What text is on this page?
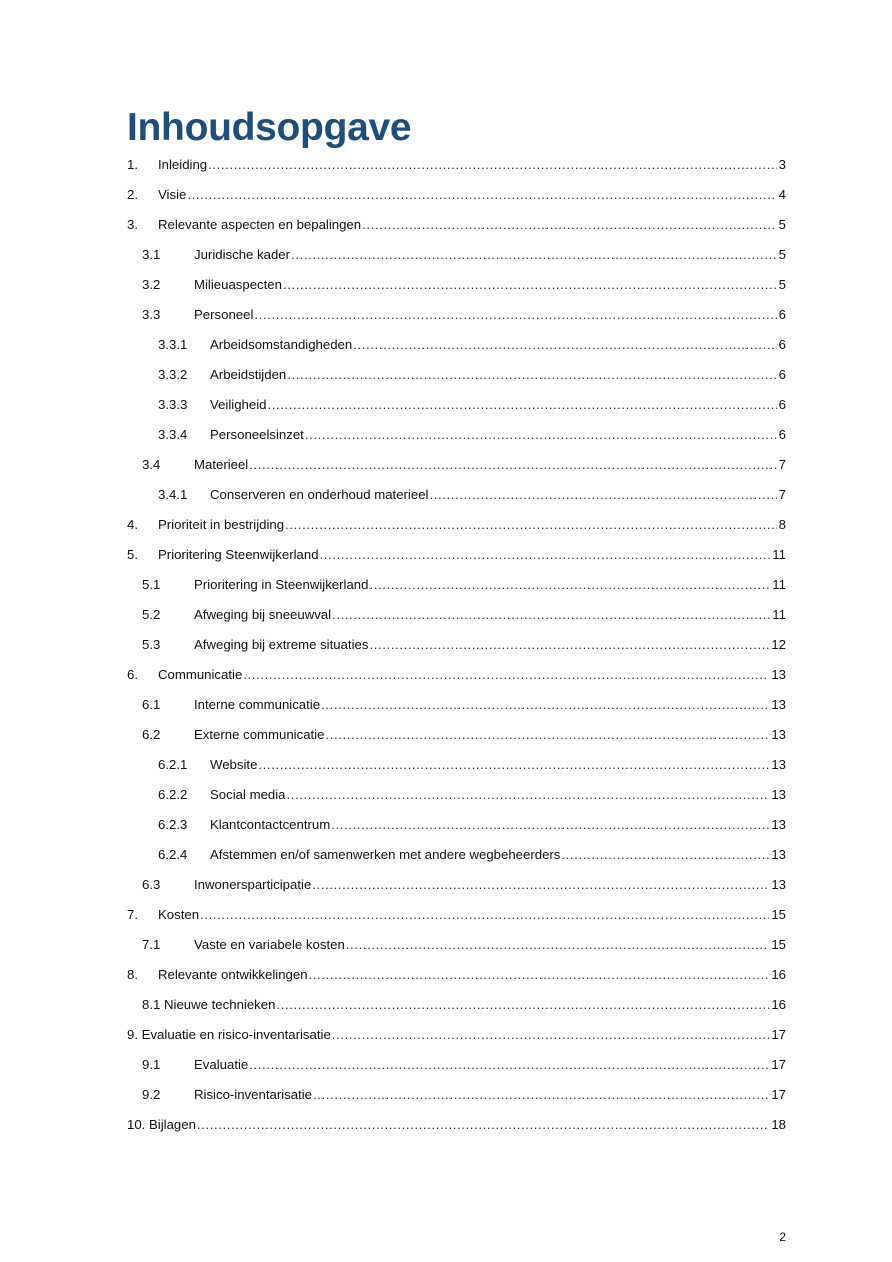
Inhoudsopgave
1.	Inleiding .....	3
2.	Visie .....	4
3.	Relevante aspecten en bepalingen .....	5
3.1	Juridische kader .....	5
3.2	Milieuaspecten .....	5
3.3	Personeel .....	6
3.3.1	Arbeidsomstandigheden .....	6
3.3.2	Arbeidstijden .....	6
3.3.3	Veiligheid .....	6
3.3.4	Personeelsinzet .....	6
3.4	Materieel .....	7
3.4.1	Conserveren en onderhoud materieel .....	7
4.	Prioriteit in bestrijding .....	8
5.	Prioritering Steenwijkerland .....	11
5.1	Prioritering in Steenwijkerland .....	11
5.2	Afweging bij sneeuwval .....	11
5.3	Afweging bij extreme situaties .....	12
6.	Communicatie .....	13
6.1	Interne communicatie .....	13
6.2	Externe communicatie .....	13
6.2.1	Website .....	13
6.2.2	Social media .....	13
6.2.3	Klantcontactcentrum .....	13
6.2.4	Afstemmen en/of samenwerken met andere wegbeheerders .....	13
6.3	Inwonersparticipatie .....	13
7.	Kosten .....	15
7.1	Vaste en variabele kosten .....	15
8.	Relevante ontwikkelingen .....	16
8.1 Nieuwe technieken .....	16
9. Evaluatie en risico-inventarisatie .....	17
9.1	Evaluatie .....	17
9.2	Risico-inventarisatie .....	17
10. Bijlagen .....	18
2
